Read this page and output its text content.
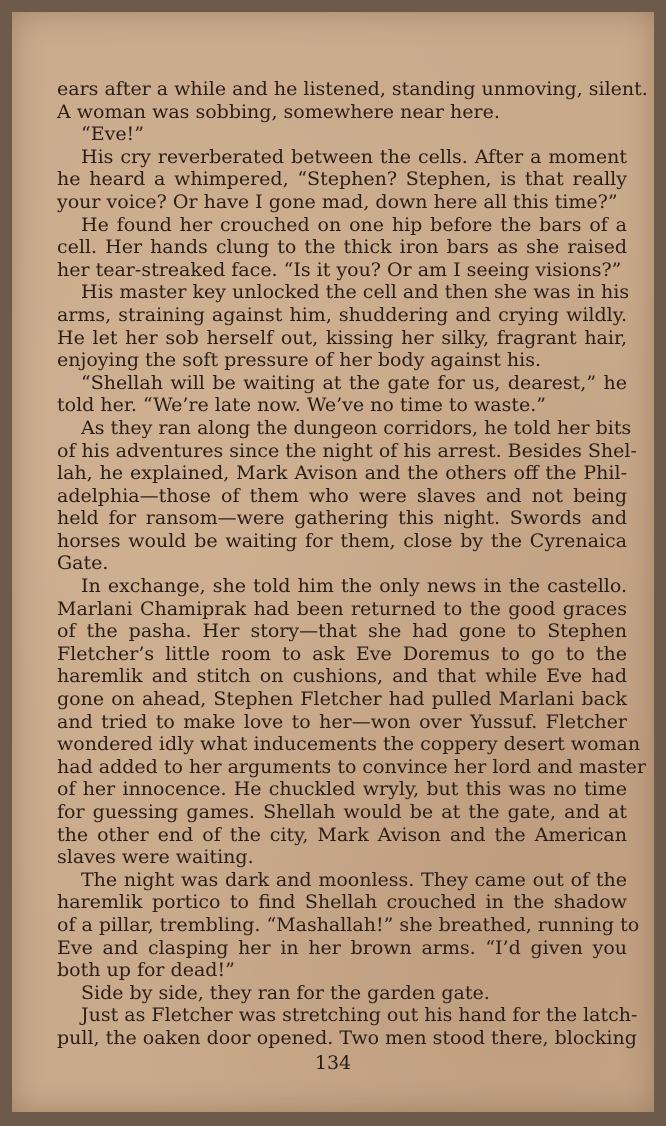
ears after a while and he listened, standing unmoving, silent.
A woman was sobbing, somewhere near here.
“Eve!”
His cry reverberated between the cells. After a moment
he heard a whimpered, “Stephen? Stephen, is that really
your voice? Or have I gone mad, down here all this time?”
He found her crouched on one hip before the bars of a
cell. Her hands clung to the thick iron bars as she raised
her tear-streaked face. “Is it you? Or am I seeing visions?”
His master key unlocked the cell and then she was in his
arms, straining against him, shuddering and crying wildly.
He let her sob herself out, kissing her silky, fragrant hair,
enjoying the soft pressure of her body against his.
“Shellah will be waiting at the gate for us, dearest,” he
told her. “We’re late now. We’ve no time to waste.”
As they ran along the dungeon corridors, he told her bits
of his adventures since the night of his arrest. Besides Shel-
lah, he explained, Mark Avison and the others off the Phil-
adelphia—those of them who were slaves and not being
held for ransom—were gathering this night. Swords and
horses would be waiting for them, close by the Cyrenaica
Gate.
In exchange, she told him the only news in the castello.
Marlani Chamiprak had been returned to the good graces
of the pasha. Her story—that she had gone to Stephen
Fletcher’s little room to ask Eve Doremus to go to the
haremlik and stitch on cushions, and that while Eve had
gone on ahead, Stephen Fletcher had pulled Marlani back
and tried to make love to her—won over Yussuf. Fletcher
wondered idly what inducements the coppery desert woman
had added to her arguments to convince her lord and master
of her innocence. He chuckled wryly, but this was no time
for guessing games. Shellah would be at the gate, and at
the other end of the city, Mark Avison and the American
slaves were waiting.
The night was dark and moonless. They came out of the
haremlik portico to find Shellah crouched in the shadow
of a pillar, trembling. “Mashallah!” she breathed, running to
Eve and clasping her in her brown arms. “I’d given you
both up for dead!”
Side by side, they ran for the garden gate.
Just as Fletcher was stretching out his hand for the latch-
pull, the oaken door opened. Two men stood there, blocking
134
